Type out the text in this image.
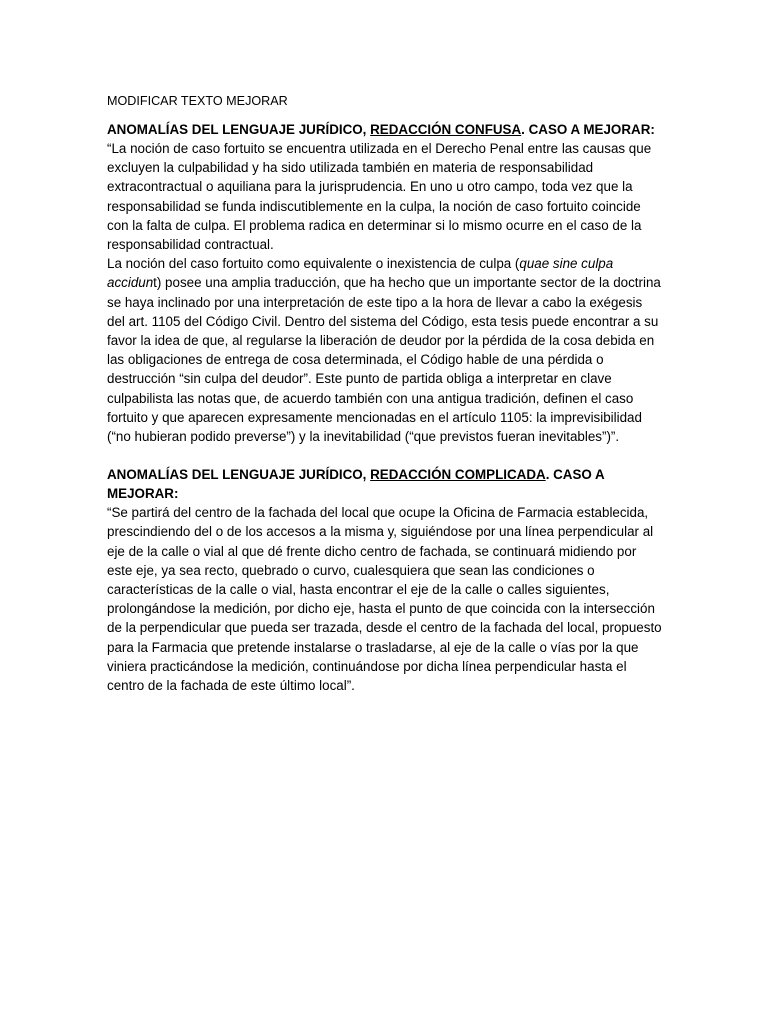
MODIFICAR TEXTO MEJORAR

ANOMALÍAS DEL LENGUAJE JURÍDICO, REDACCIÓN CONFUSA. CASO A MEJORAR:

“La noción de caso fortuito se encuentra utilizada en el Derecho Penal entre las causas que excluyen la culpabilidad y ha sido utilizada también en materia de responsabilidad extracontractual o aquiliana para la jurisprudencia. En uno u otro campo, toda vez que la responsabilidad se funda indiscutiblemente en la culpa, la noción de caso fortuito coincide con la falta de culpa. El problema radica en determinar si lo mismo ocurre en el caso de la responsabilidad contractual.

La noción del caso fortuito como equivalente o inexistencia de culpa (quae sine culpa accidunt) posee una amplia traducción, que ha hecho que un importante sector de la doctrina se haya inclinado por una interpretación de este tipo a la hora de llevar a cabo la exégesis del art. 1105 del Código Civil. Dentro del sistema del Código, esta tesis puede encontrar a su favor la idea de que, al regularse la liberación de deudor por la pérdida de la cosa debida en las obligaciones de entrega de cosa determinada, el Código hable de una pérdida o destrucción “sin culpa del deudor”. Este punto de partida obliga a interpretar en clave culpabilista las notas que, de acuerdo también con una antigua tradición, definen el caso fortuito y que aparecen expresamente mencionadas en el artículo 1105: la imprevisibilidad (“no hubieran podido preverse”) y la inevitabilidad (“que previstos fueran inevitables”)”.

ANOMALÍAS DEL LENGUAJE JURÍDICO, REDACCIÓN COMPLICADA. CASO A MEJORAR:

“Se partirá del centro de la fachada del local que ocupe la Oficina de Farmacia establecida, prescindiendo del o de los accesos a la misma y, siguiéndose por una línea perpendicular al eje de la calle o vial al que dé frente dicho centro de fachada, se continuará midiendo por este eje, ya sea recto, quebrado o curvo, cualesquiera que sean las condiciones o características de la calle o vial, hasta encontrar el eje de la calle o calles siguientes, prolongándose la medición, por dicho eje, hasta el punto de que coincida con la intersección de la perpendicular que pueda ser trazada, desde el centro de la fachada del local, propuesto para la Farmacia que pretende instalarse o trasladarse, al eje de la calle o vías por la que viniera practicándose la medición, continuándose por dicha línea perpendicular hasta el centro de la fachada de este último local”.
